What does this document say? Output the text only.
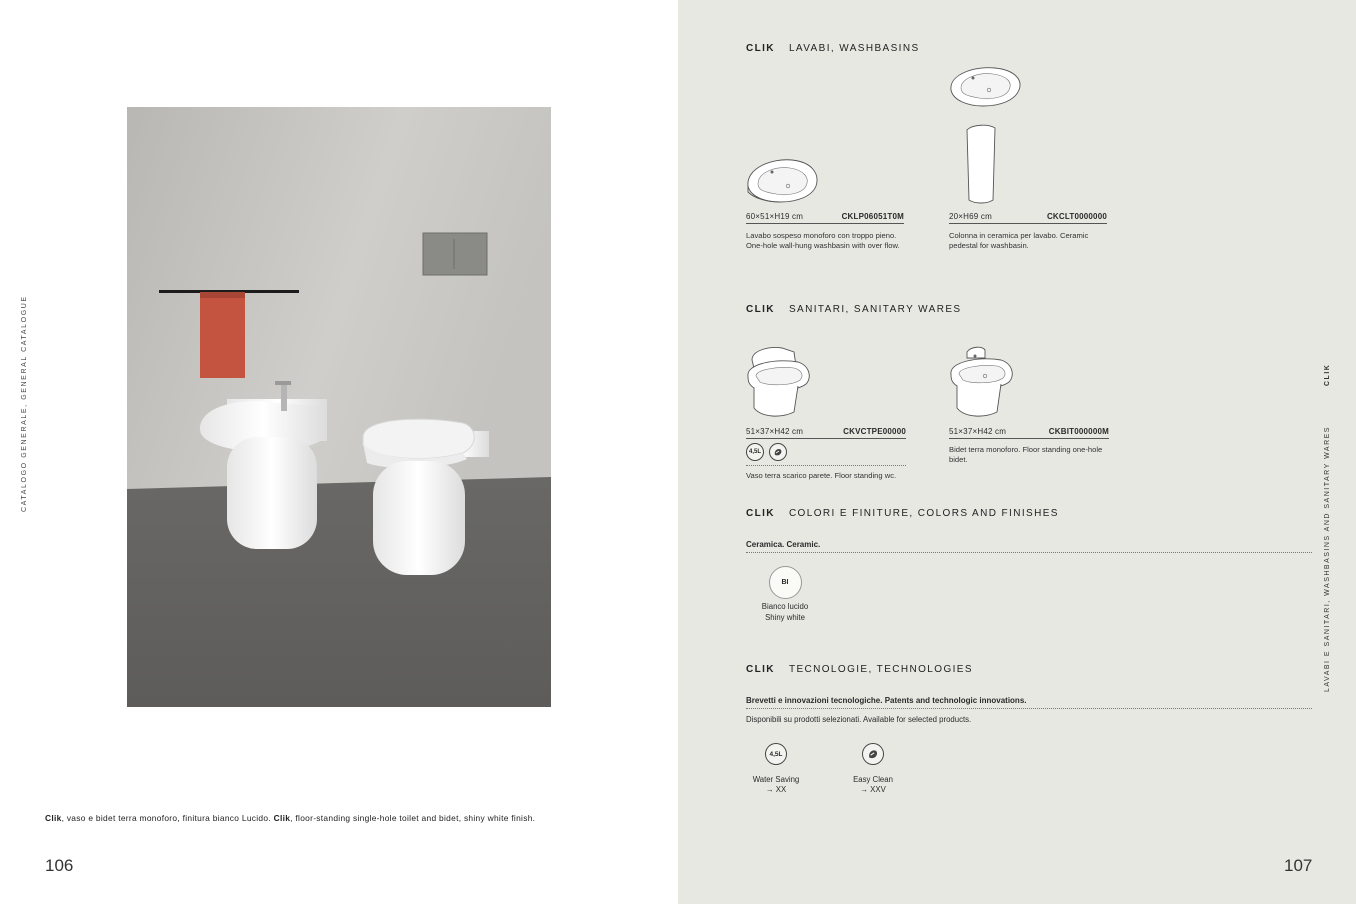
CATALOGO GENERALE, GENERAL CATALOGUE
Clik, vaso e bidet terra monoforo, finitura bianco Lucido. Clik, floor-standing single-hole toilet and bidet, shiny white finish.
106	107
CLIK LAVABI, WASHBASINS
60×51×H19 cm	CKLP06051T0M
Lavabo sospeso monoforo con troppo pieno. One-hole wall-hung washbasin with over flow.
20×H69 cm	CKCLT0000000
Colonna in ceramica per lavabo. Ceramic pedestal for washbasin.
CLIK SANITARI, SANITARY WARES
51×37×H42 cm	CKVCTPE00000
4,5L
Vaso terra scarico parete. Floor standing wc.
51×37×H42 cm	CKBIT000000M
Bidet terra monoforo. Floor standing one-hole bidet.
CLIK COLORI E FINITURE, COLORS AND FINISHES
Ceramica. Ceramic.
BI
Bianco lucido
Shiny white
CLIK TECNOLOGIE, TECHNOLOGIES
Brevetti e innovazioni tecnologiche. Patents and technologic innovations.
Disponibili su prodotti selezionati. Available for selected products.
4,5L
Water Saving
→ XX
Easy Clean
→ XXV
CLIK
LAVABI E SANITARI, WASHBASINS AND SANITARY WARES
